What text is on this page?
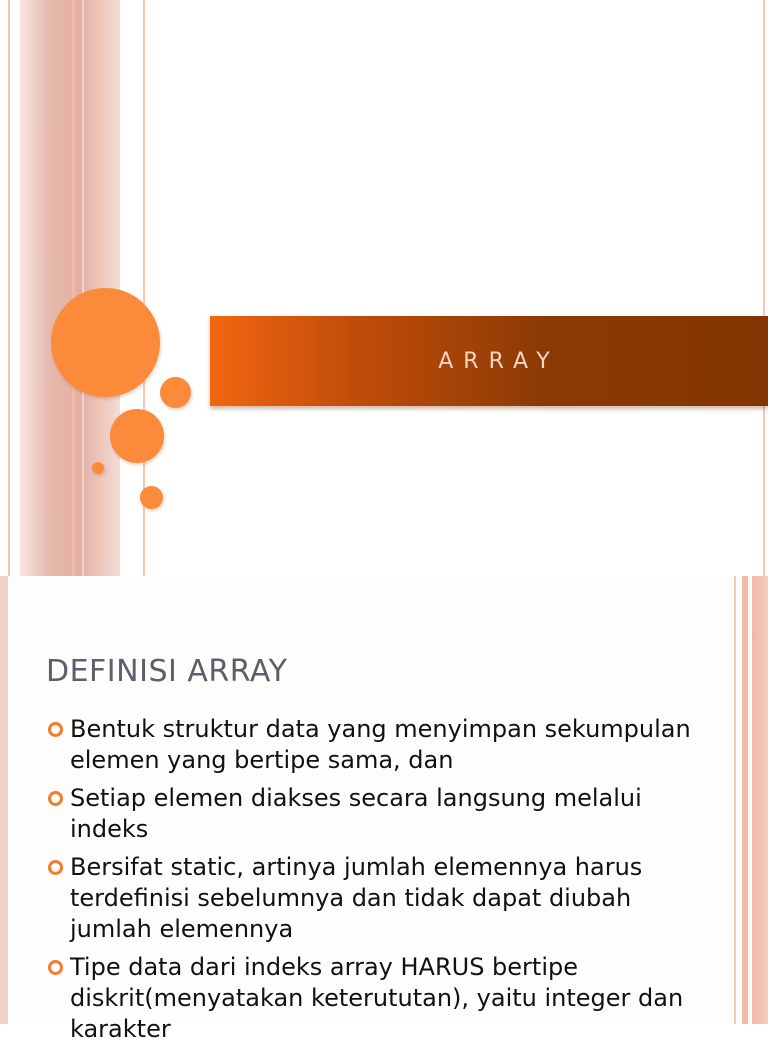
ARRAY
DEFINISI ARRAY
Bentuk struktur data yang menyimpan sekumpulan elemen yang bertipe sama, dan
Setiap elemen diakses secara langsung melalui indeks
Bersifat static, artinya jumlah elemennya harus terdefinisi sebelumnya dan tidak dapat diubah jumlah elemennya
Tipe data dari indeks array HARUS bertipe diskrit(menyatakan keterututan), yaitu integer dan karakter
